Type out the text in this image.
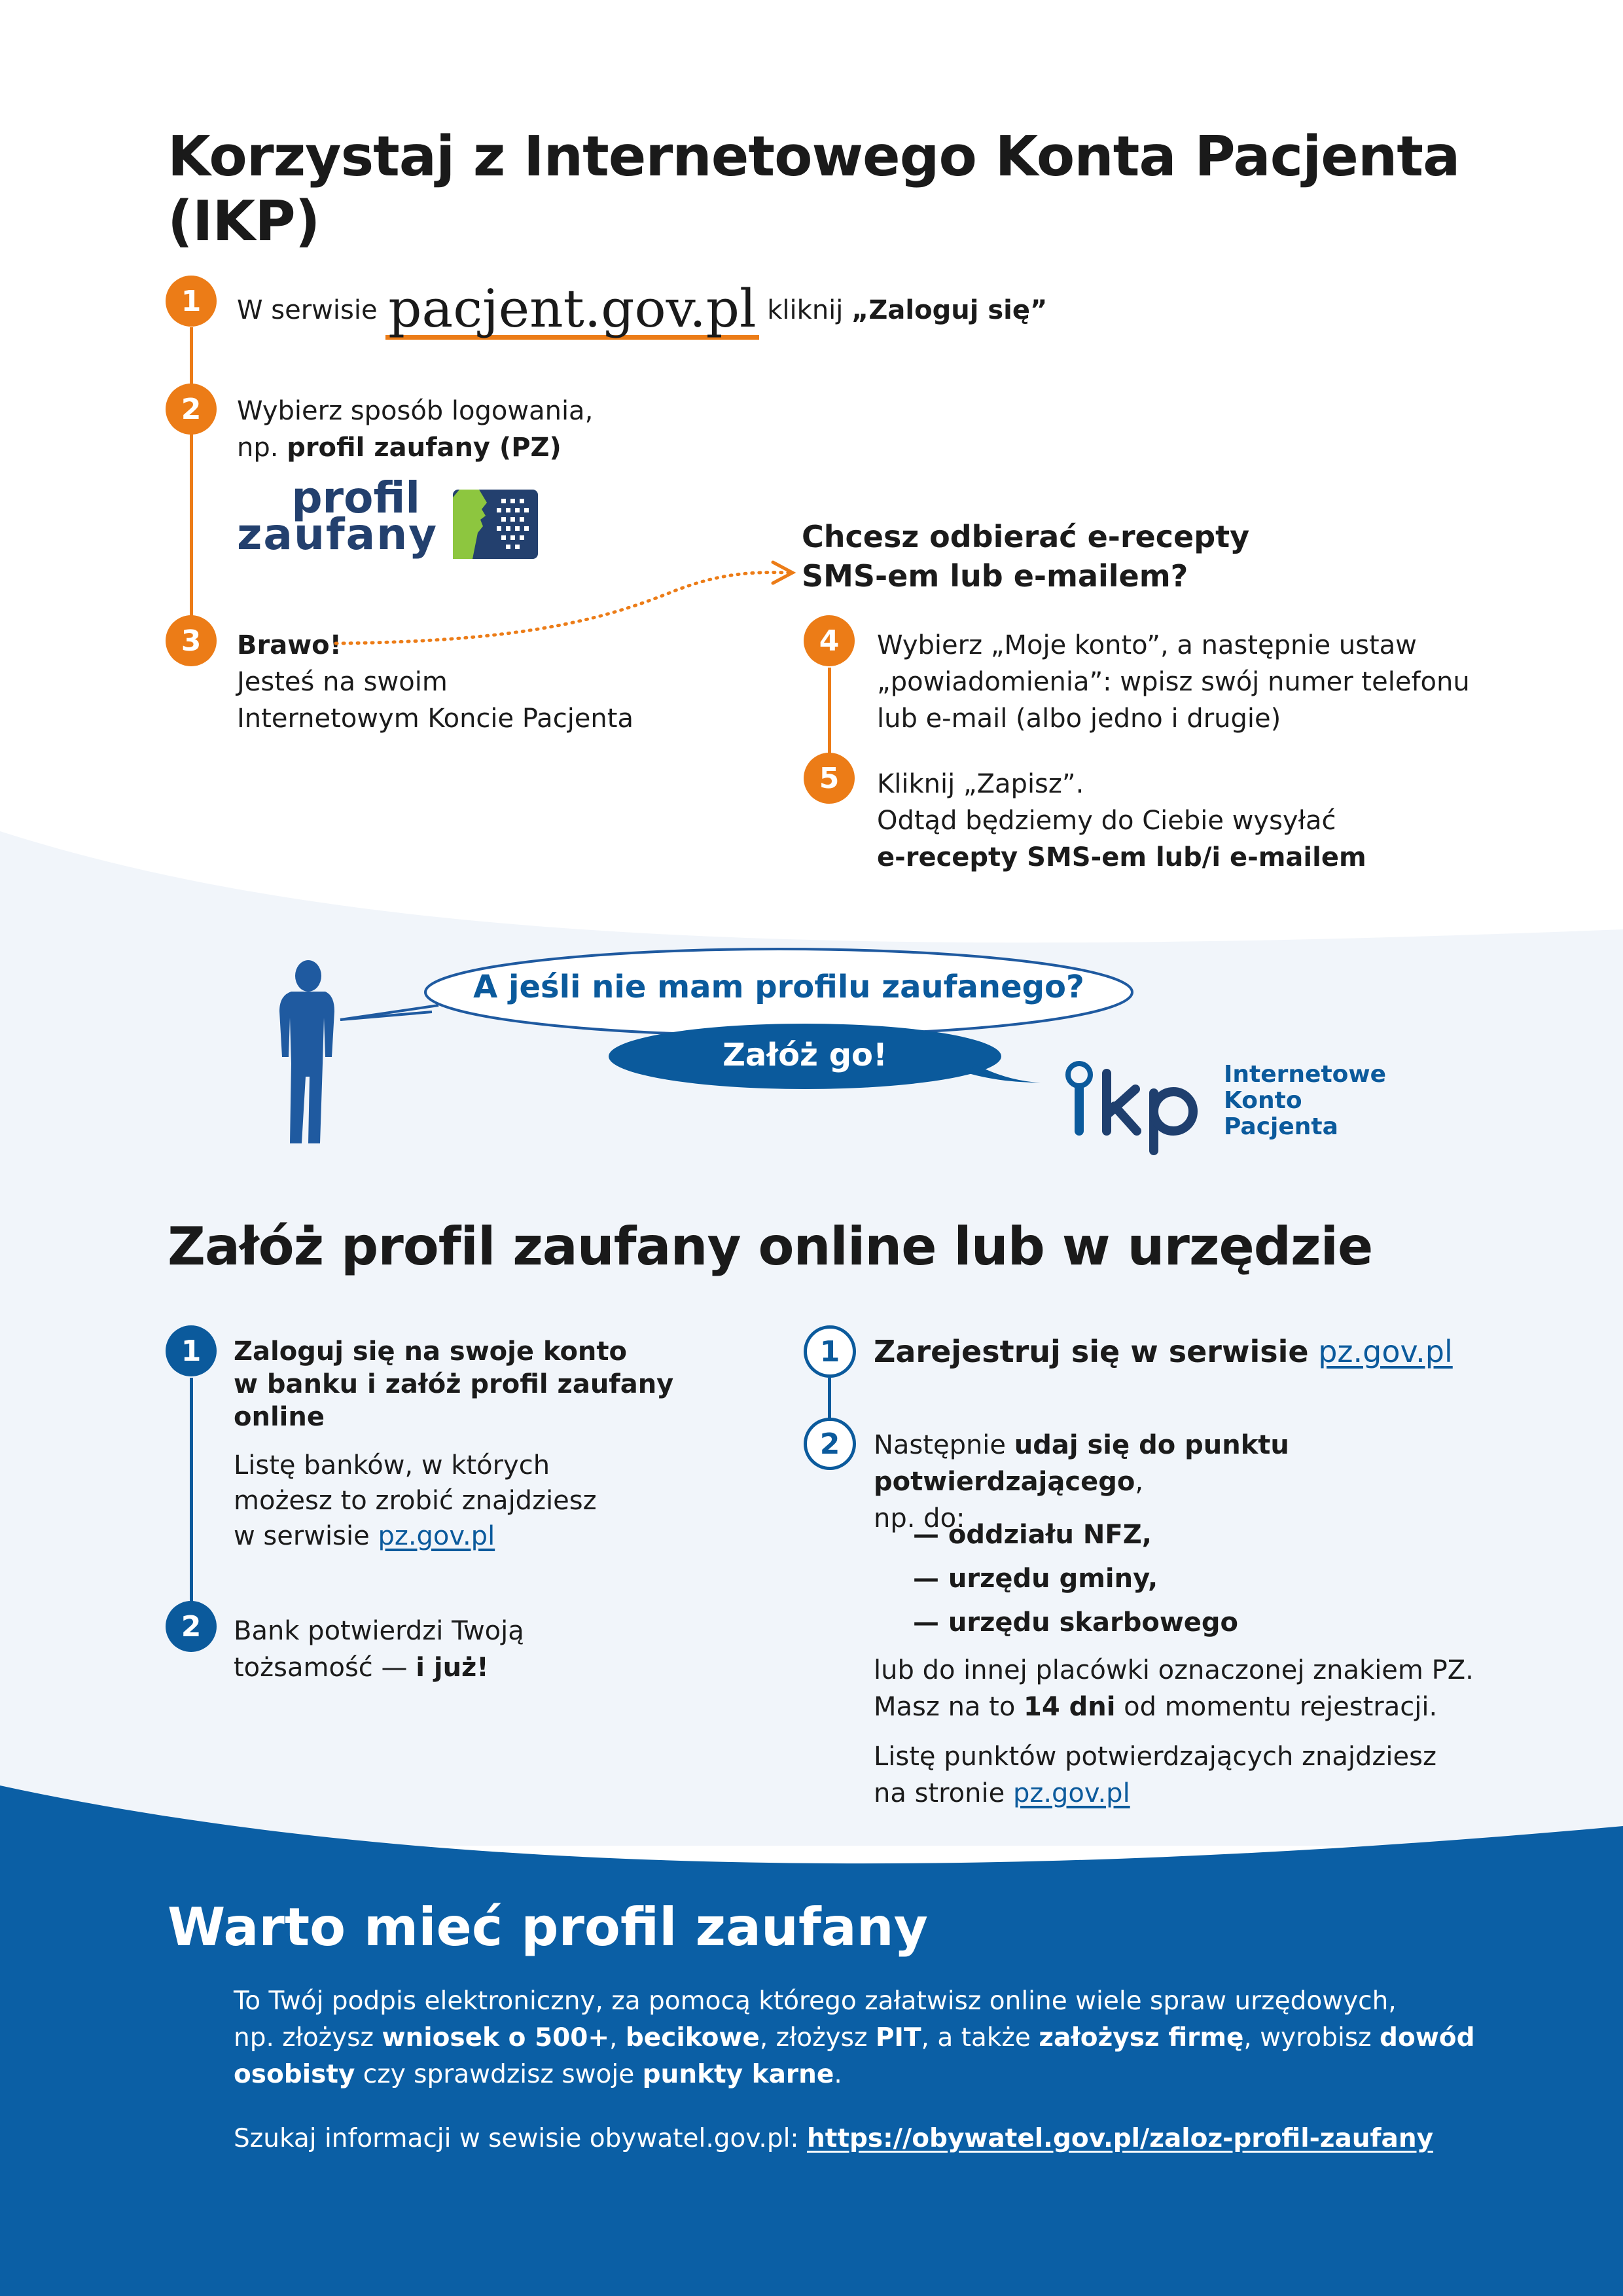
Korzystaj z Internetowego Konta Pacjenta (IKP)
1	W serwisie pacjent.gov.pl kliknij „Zaloguj się”
2	Wybierz sposób logowania,
np. profil zaufany (PZ)
profil
zaufany
3	Brawo!
Jesteś na swoim
Internetowym Koncie Pacjenta
Chcesz odbierać e-recepty
SMS-em lub e-mailem?
4	Wybierz „Moje konto”, a następnie ustaw
„powiadomienia”: wpisz swój numer telefonu
lub e-mail (albo jedno i drugie)
5	Kliknij „Zapisz”.
Odtąd będziemy do Ciebie wysyłać
e-recepty SMS-em lub/i e-mailem
A jeśli nie mam profilu zaufanego?
Załóż go!
Internetowe
Konto
Pacjenta
Załóż profil zaufany online lub w urzędzie
1	Zaloguj się na swoje konto
w banku i załóż profil zaufany
online
Listę banków, w których
możesz to zrobić znajdziesz
w serwisie pz.gov.pl
2	Bank potwierdzi Twoją
tożsamość — i już!
1	Zarejestruj się w serwisie pz.gov.pl
2	Następnie udaj się do punktu potwierdzającego,
np. do:
— oddziału NFZ,
— urzędu gminy,
— urzędu skarbowego
lub do innej placówki oznaczonej znakiem PZ.
Masz na to 14 dni od momentu rejestracji.
Listę punktów potwierdzających znajdziesz
na stronie pz.gov.pl
Warto mieć profil zaufany
To Twój podpis elektroniczny, za pomocą którego załatwisz online wiele spraw urzędowych,
np. złożysz wniosek o 500+, becikowe, złożysz PIT, a także założysz firmę, wyrobisz dowód
osobisty czy sprawdzisz swoje punkty karne.
Szukaj informacji w sewisie obywatel.gov.pl: https://obywatel.gov.pl/zaloz-profil-zaufany
